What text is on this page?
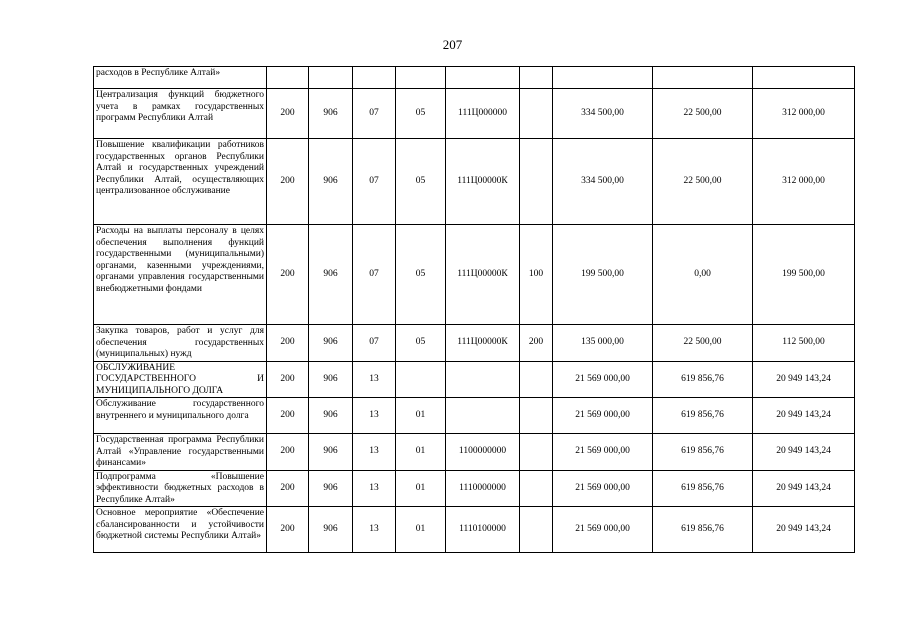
207
расходов в Республике Алтай»									
Централизация функций бюджетного учета в рамках государственных программ Республики Алтай	200	906	07	05	111Ц000000		334 500,00	22 500,00	312 000,00
Повышение квалификации работников государственных органов Республики Алтай и государственных учреждений Республики Алтай, осуществляющих централизованное обслуживание	200	906	07	05	111Ц00000К		334 500,00	22 500,00	312 000,00
Расходы на выплаты персоналу в целях обеспечения выполнения функций государственными (муниципальными) органами, казенными учреждениями, органами управления государственными внебюджетными фондами	200	906	07	05	111Ц00000К	100	199 500,00	0,00	199 500,00
Закупка товаров, работ и услуг для обеспечения государственных (муниципальных) нужд	200	906	07	05	111Ц00000К	200	135 000,00	22 500,00	112 500,00
ОБСЛУЖИВАНИЕ ГОСУДАРСТВЕННОГО И МУНИЦИПАЛЬНОГО ДОЛГА	200	906	13				21 569 000,00	619 856,76	20 949 143,24
Обслуживание государственного внутреннего и муниципального долга	200	906	13	01			21 569 000,00	619 856,76	20 949 143,24
Государственная программа Республики Алтай «Управление государственными финансами»	200	906	13	01	1100000000		21 569 000,00	619 856,76	20 949 143,24
Подпрограмма «Повышение эффективности бюджетных расходов в Республике Алтай»	200	906	13	01	1110000000		21 569 000,00	619 856,76	20 949 143,24
Основное мероприятие «Обеспечение сбалансированности и устойчивости бюджетной системы Республики Алтай»	200	906	13	01	1110100000		21 569 000,00	619 856,76	20 949 143,24
